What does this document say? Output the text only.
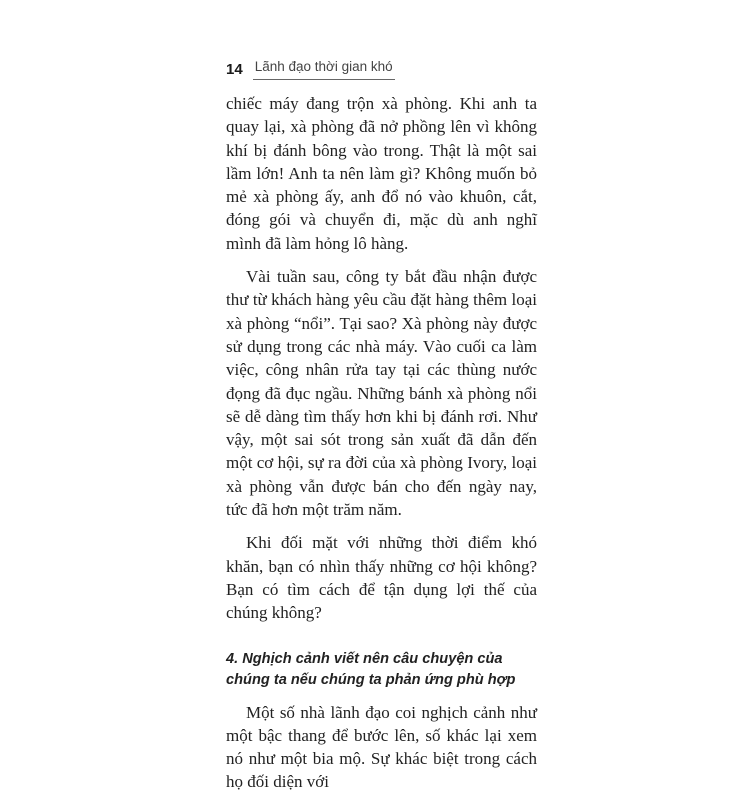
14 Lãnh đạo thời gian khó

chiếc máy đang trộn xà phòng. Khi anh ta quay lại, xà phòng đã nở phồng lên vì không khí bị đánh bông vào trong. Thật là một sai lầm lớn! Anh ta nên làm gì? Không muốn bỏ mẻ xà phòng ấy, anh đổ nó vào khuôn, cắt, đóng gói và chuyển đi, mặc dù anh nghĩ mình đã làm hỏng lô hàng.

Vài tuần sau, công ty bắt đầu nhận được thư từ khách hàng yêu cầu đặt hàng thêm loại xà phòng “nổi”. Tại sao? Xà phòng này được sử dụng trong các nhà máy. Vào cuối ca làm việc, công nhân rửa tay tại các thùng nước đọng đã đục ngầu. Những bánh xà phòng nổi sẽ dễ dàng tìm thấy hơn khi bị đánh rơi. Như vậy, một sai sót trong sản xuất đã dẫn đến một cơ hội, sự ra đời của xà phòng Ivory, loại xà phòng vẫn được bán cho đến ngày nay, tức đã hơn một trăm năm.

Khi đối mặt với những thời điểm khó khăn, bạn có nhìn thấy những cơ hội không? Bạn có tìm cách để tận dụng lợi thế của chúng không?

4. Nghịch cảnh viết nên câu chuyện của chúng ta nếu chúng ta phản ứng phù hợp

Một số nhà lãnh đạo coi nghịch cảnh như một bậc thang để bước lên, số khác lại xem nó như một bia mộ. Sự khác biệt trong cách họ đối diện với
